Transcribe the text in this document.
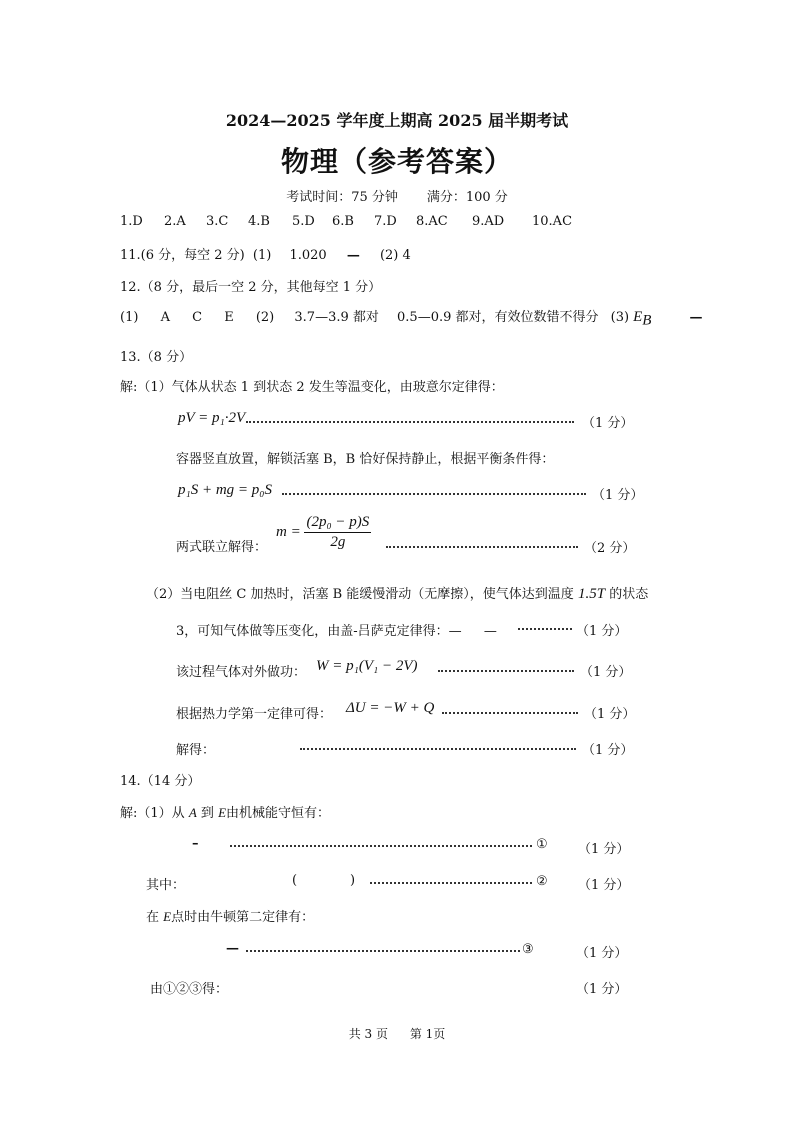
2024—2025 学年度上期高 2025 届半期考试
物理（参考答案）
考试时间：75 分钟       满分：100 分
1.D 2.A 3.C 4.B 5.D 6.B 7.D 8.AC 9.AD 10.AC
11.(6 分，每空 2 分) (1) 1.020 — (2) 4
12.（8 分，最后一空 2 分，其他每空 1 分）
(1) A C E (2) 3.7—3.9 都对 0.5—0.9 都对，有效位数错不得分 (3) $E_B$	—
13.（8 分）
解:（1）气体从状态 1 到状态 2 发生等温变化，由玻意尔定律得：
pV = p₁·2V	（1 分）
容器竖直放置，解锁活塞 B，B 恰好保持静止，根据平衡条件得：
p₁S + mg = p₀S	（1 分）
两式联立解得：
$m = \frac{\text{(2p₀ − p)S}}{2g}$	（2 分）
（2）当电阻丝 C 加热时，活塞 B 能缓慢滑动（无摩擦），使气体达到温度 1.5T 的状态
3，可知气体做等压变化，由盖-吕萨克定律得：— —	（1 分）
该过程气体对外做功： W = p₁(V₁ − 2V)	（1 分）
根据热力学第一定律可得： ΔU = −W + Q	（1 分）
解得：	（1 分）
14.（14 分）
解:（1）从 A 到 E由机械能守恒有：
–	① （1 分）
其中：	(	)	② （1 分）
在 E点时由牛顿第二定律有：
—	③	（1 分）
由①②③得：	（1 分）
共 3 页 第 1页
